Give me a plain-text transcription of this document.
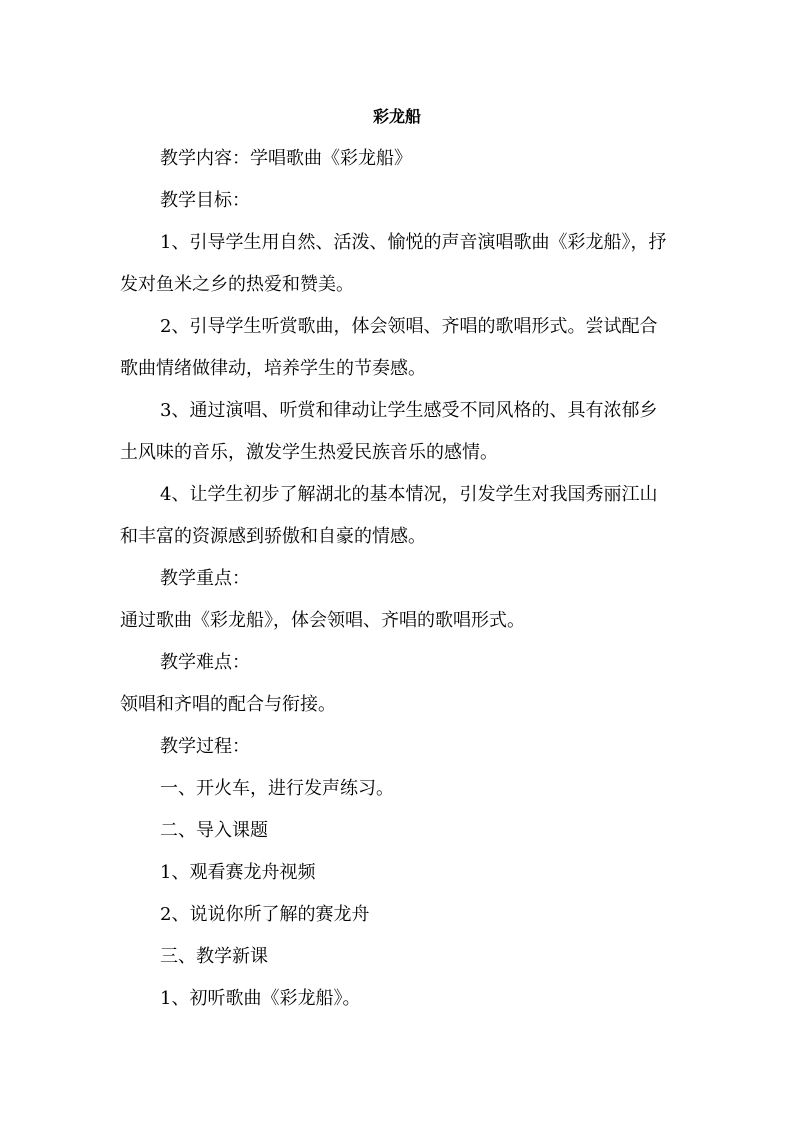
彩龙船
教学内容：学唱歌曲《彩龙船》
教学目标：
1、引导学生用自然、活泼、愉悦的声音演唱歌曲《彩龙船》，抒
发对鱼米之乡的热爱和赞美。
2、引导学生听赏歌曲，体会领唱、齐唱的歌唱形式。尝试配合
歌曲情绪做律动，培养学生的节奏感。
3、通过演唱、听赏和律动让学生感受不同风格的、具有浓郁乡
土风味的音乐，激发学生热爱民族音乐的感情。
4、让学生初步了解湖北的基本情况，引发学生对我国秀丽江山
和丰富的资源感到骄傲和自豪的情感。
教学重点：
通过歌曲《彩龙船》，体会领唱、齐唱的歌唱形式。
教学难点：
领唱和齐唱的配合与衔接。
教学过程：
一、开火车，进行发声练习。
二、导入课题
1、观看赛龙舟视频
2、说说你所了解的赛龙舟
三、教学新课
1、初听歌曲《彩龙船》。
